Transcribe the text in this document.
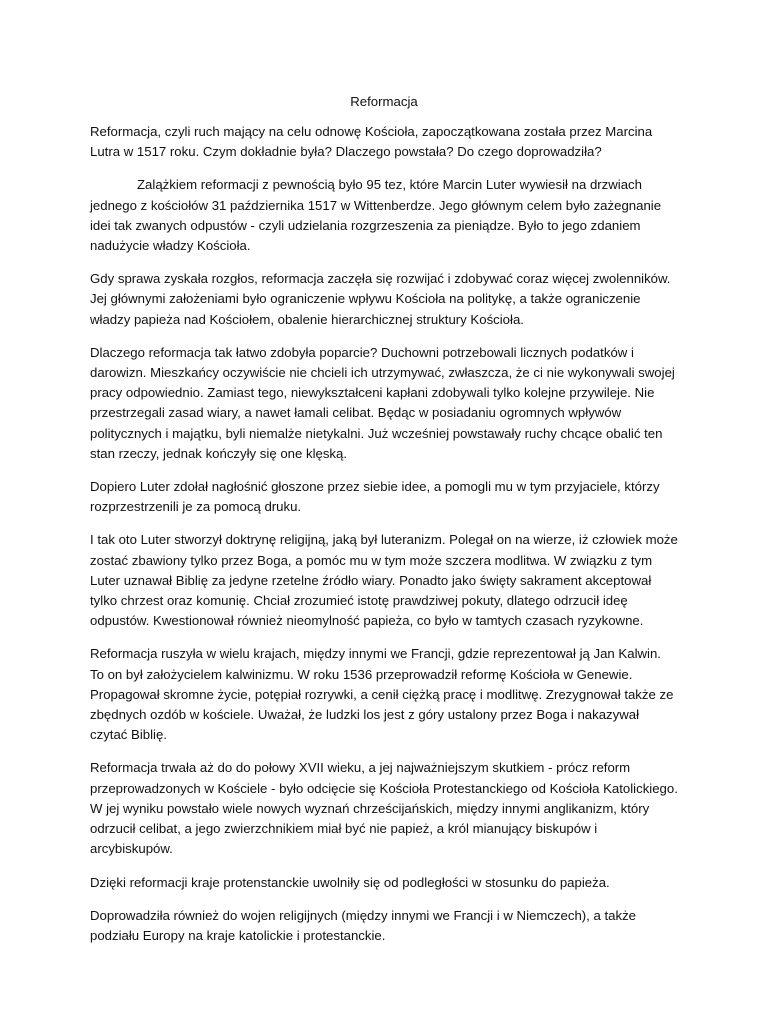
Reformacja

Reformacja, czyli ruch mający na celu odnowę Kościoła, zapoczątkowana została przez Marcina Lutra w 1517 roku. Czym dokładnie była? Dlaczego powstała? Do czego doprowadziła?

Zalążkiem reformacji z pewnością było 95 tez, które Marcin Luter wywiesił na drzwiach jednego z kościołów 31 października 1517 w Wittenberdze. Jego głównym celem było zażegnanie idei tak zwanych odpustów - czyli udzielania rozgrzeszenia za pieniądze. Było to jego zdaniem nadużycie władzy Kościoła.

Gdy sprawa zyskała rozgłos, reformacja zaczęła się rozwijać i zdobywać coraz więcej zwolenników. Jej głównymi założeniami było ograniczenie wpływu Kościoła na politykę, a także ograniczenie władzy papieża nad Kościołem, obalenie hierarchicznej struktury Kościoła.

Dlaczego reformacja tak łatwo zdobyła poparcie? Duchowni potrzebowali licznych podatków i darowizn. Mieszkańcy oczywiście nie chcieli ich utrzymywać, zwłaszcza, że ci nie wykonywali swojej pracy odpowiednio. Zamiast tego, niewykształceni kapłani zdobywali tylko kolejne przywileje. Nie przestrzegali zasad wiary, a nawet łamali celibat. Będąc w posiadaniu ogromnych wpływów politycznych i majątku, byli niemalże nietykalni. Już wcześniej powstawały ruchy chcące obalić ten stan rzeczy, jednak kończyły się one klęską.

Dopiero Luter zdołał nagłośnić głoszone przez siebie idee, a pomogli mu w tym przyjaciele, którzy rozprzestrzenili je za pomocą druku.

I tak oto Luter stworzył doktrynę religijną, jaką był luteranizm. Polegał on na wierze, iż człowiek może zostać zbawiony tylko przez Boga, a pomóc mu w tym może szczera modlitwa. W związku z tym Luter uznawał Biblię za jedyne rzetelne źródło wiary. Ponadto jako święty sakrament akceptował tylko chrzest oraz komunię. Chciał zrozumieć istotę prawdziwej pokuty, dlatego odrzucił ideę odpustów. Kwestionował również nieomylność papieża, co było w tamtych czasach ryzykowne.

Reformacja ruszyła w wielu krajach, między innymi we Francji, gdzie reprezentował ją Jan Kalwin. To on był założycielem kalwinizmu. W roku 1536 przeprowadził reformę Kościoła w Genewie. Propagował skromne życie, potępiał rozrywki, a cenił ciężką pracę i modlitwę. Zrezygnował także ze zbędnych ozdób w kościele. Uważał, że ludzki los jest z góry ustalony przez Boga i nakazywał czytać Biblię.

Reformacja trwała aż do do połowy XVII wieku, a jej najważniejszym skutkiem - prócz reform przeprowadzonych w Kościele - było odcięcie się Kościoła Protestanckiego od Kościoła Katolickiego. W jej wyniku powstało wiele nowych wyznań chrześcijańskich, między innymi anglikanizm, który odrzucił celibat, a jego zwierzchnikiem miał być nie papież, a król mianujący biskupów i arcybiskupów.

Dzięki reformacji kraje protenstanckie uwolniły się od podległości w stosunku do papieża.

Doprowadziła również do wojen religijnych (między innymi we Francji i w Niemczech), a także podziału Europy na kraje katolickie i protestanckie.
